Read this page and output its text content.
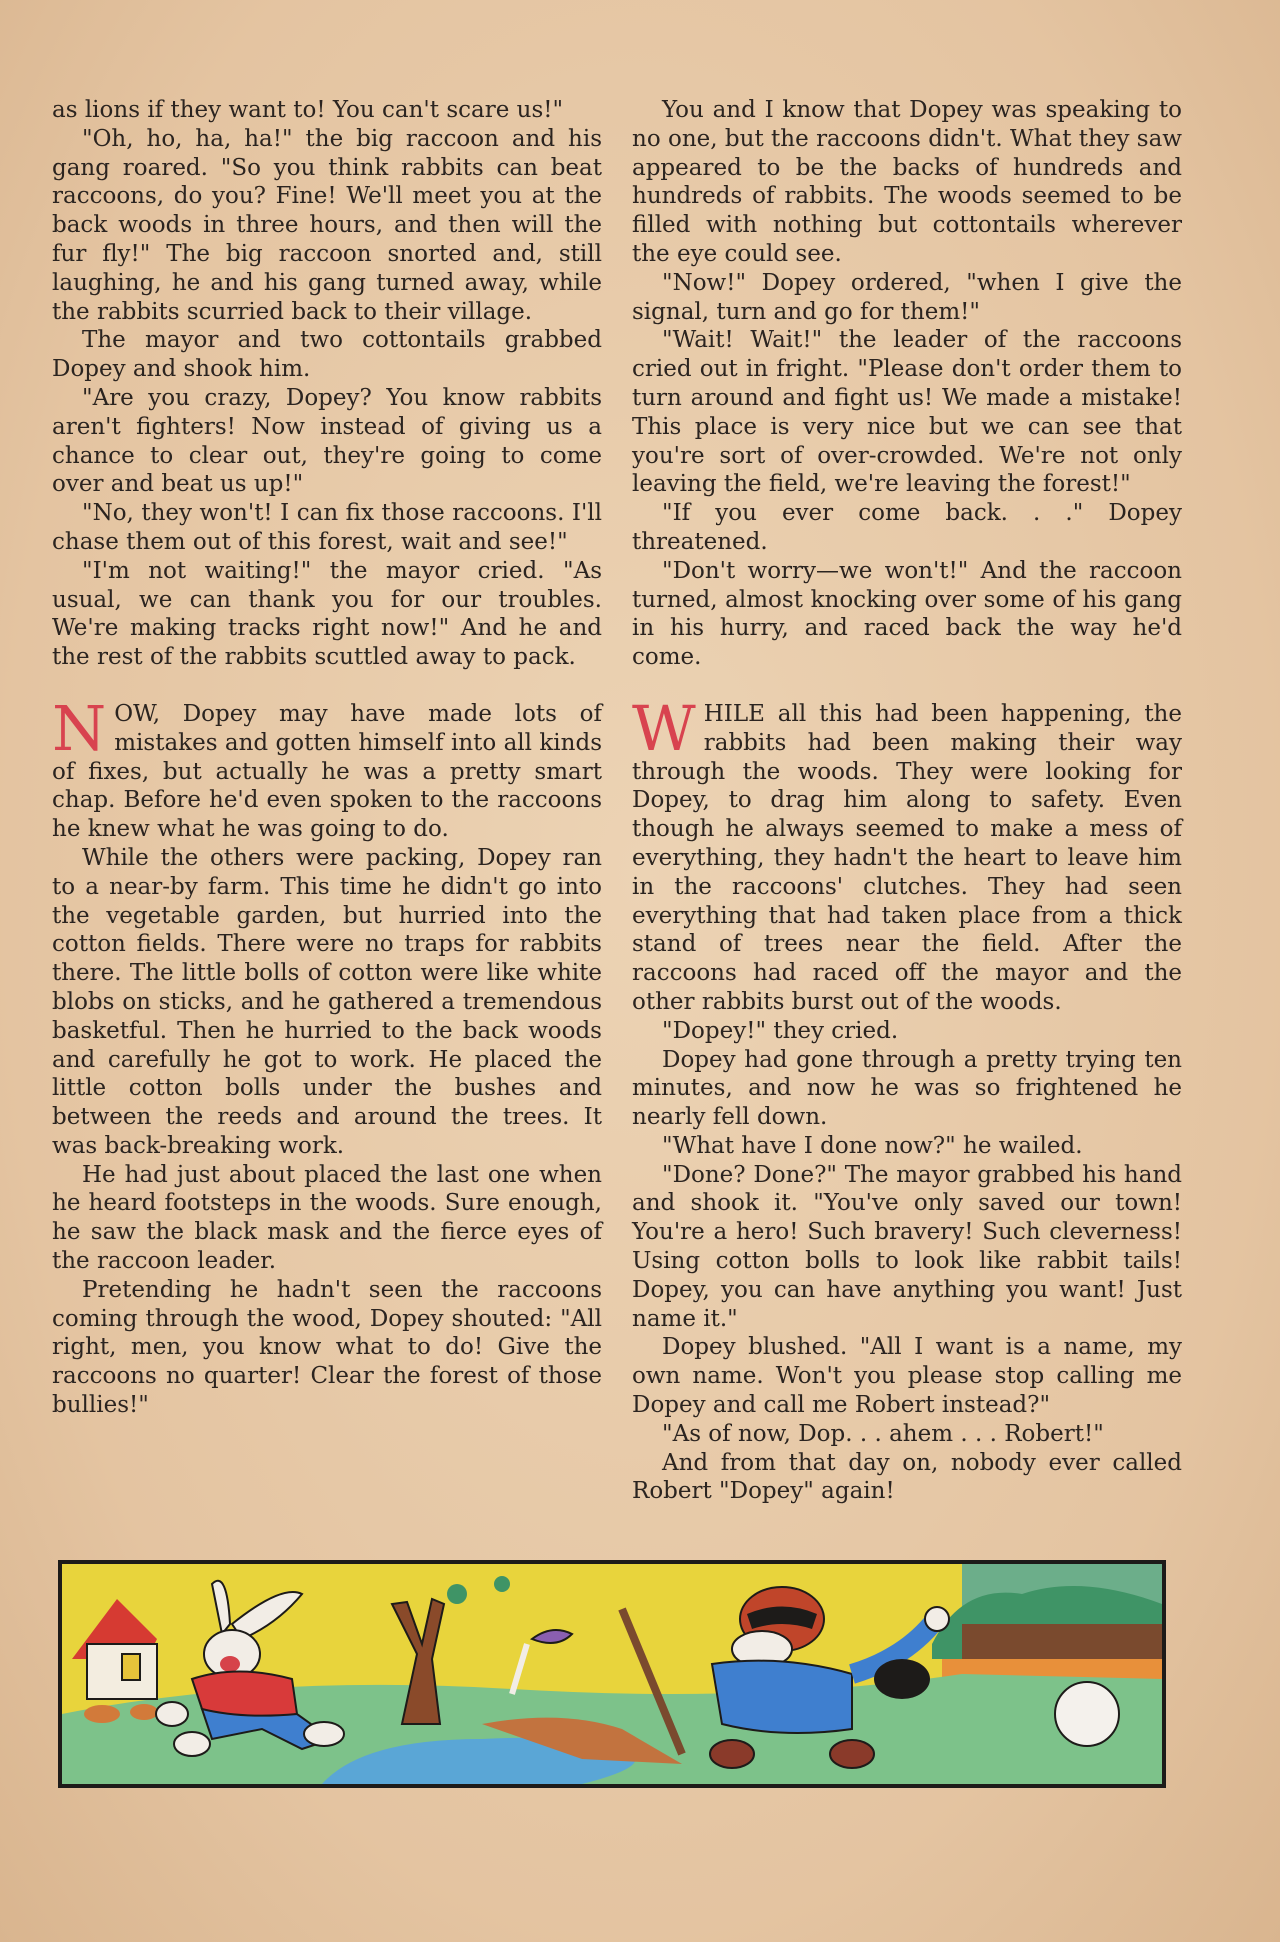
as lions if they want to! You can't scare us!"

"Oh, ho, ha, ha!" the big raccoon and his gang roared. "So you think rabbits can beat raccoons, do you? Fine! We'll meet you at the back woods in three hours, and then will the fur fly!" The big raccoon snorted and, still laughing, he and his gang turned away, while the rabbits scurried back to their village.

The mayor and two cottontails grabbed Dopey and shook him.

"Are you crazy, Dopey? You know rabbits aren't fighters! Now instead of giving us a chance to clear out, they're going to come over and beat us up!"

"No, they won't! I can fix those raccoons. I'll chase them out of this forest, wait and see!"

"I'm not waiting!" the mayor cried. "As usual, we can thank you for our troubles. We're making tracks right now!" And he and the rest of the rabbits scuttled away to pack.

NOW, Dopey may have made lots of mistakes and gotten himself into all kinds of fixes, but actually he was a pretty smart chap. Before he'd even spoken to the raccoons he knew what he was going to do.

While the others were packing, Dopey ran to a near-by farm. This time he didn't go into the vegetable garden, but hurried into the cotton fields. There were no traps for rabbits there. The little bolls of cotton were like white blobs on sticks, and he gathered a tremendous basketful. Then he hurried to the back woods and carefully he got to work. He placed the little cotton bolls under the bushes and between the reeds and around the trees. It was back-breaking work.

He had just about placed the last one when he heard footsteps in the woods. Sure enough, he saw the black mask and the fierce eyes of the raccoon leader.

Pretending he hadn't seen the raccoons coming through the wood, Dopey shouted: "All right, men, you know what to do! Give the raccoons no quarter! Clear the forest of those bullies!"

You and I know that Dopey was speaking to no one, but the raccoons didn't. What they saw appeared to be the backs of hundreds and hundreds of rabbits. The woods seemed to be filled with nothing but cottontails wherever the eye could see.

"Now!" Dopey ordered, "when I give the signal, turn and go for them!"

"Wait! Wait!" the leader of the raccoons cried out in fright. "Please don't order them to turn around and fight us! We made a mistake! This place is very nice but we can see that you're sort of over-crowded. We're not only leaving the field, we're leaving the forest!"

"If you ever come back. . ." Dopey threatened.

"Don't worry—we won't!" And the raccoon turned, almost knocking over some of his gang in his hurry, and raced back the way he'd come.

WHILE all this had been happening, the rabbits had been making their way through the woods. They were looking for Dopey, to drag him along to safety. Even though he always seemed to make a mess of everything, they hadn't the heart to leave him in the raccoons' clutches. They had seen everything that had taken place from a thick stand of trees near the field. After the raccoons had raced off the mayor and the other rabbits burst out of the woods.

"Dopey!" they cried.

Dopey had gone through a pretty trying ten minutes, and now he was so frightened he nearly fell down.

"What have I done now?" he wailed.

"Done? Done?" The mayor grabbed his hand and shook it. "You've only saved our town! You're a hero! Such bravery! Such cleverness! Using cotton bolls to look like rabbit tails! Dopey, you can have anything you want! Just name it."

Dopey blushed. "All I want is a name, my own name. Won't you please stop calling me Dopey and call me Robert instead?"

"As of now, Dop. . . ahem . . . Robert!"

And from that day on, nobody ever called Robert "Dopey" again!
